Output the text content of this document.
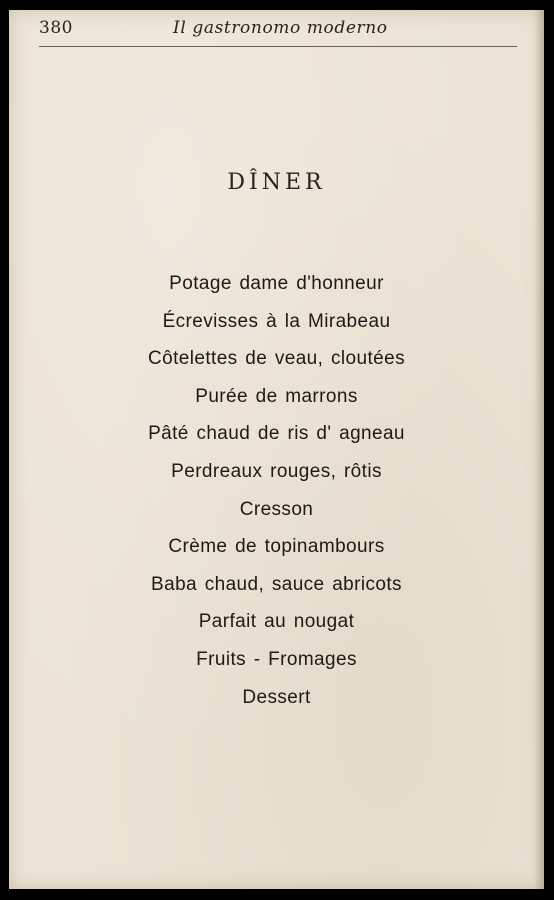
380	Il gastronomo moderno
DÎNER
Potage dame d'honneur
Écrevisses à la Mirabeau
Côtelettes de veau, cloutées
Purée de marrons
Pâté chaud de ris d' agneau
Perdreaux rouges, rôtis
Cresson
Crème de topinambours
Baba chaud, sauce abricots
Parfait au nougat
Fruits - Fromages
Dessert
